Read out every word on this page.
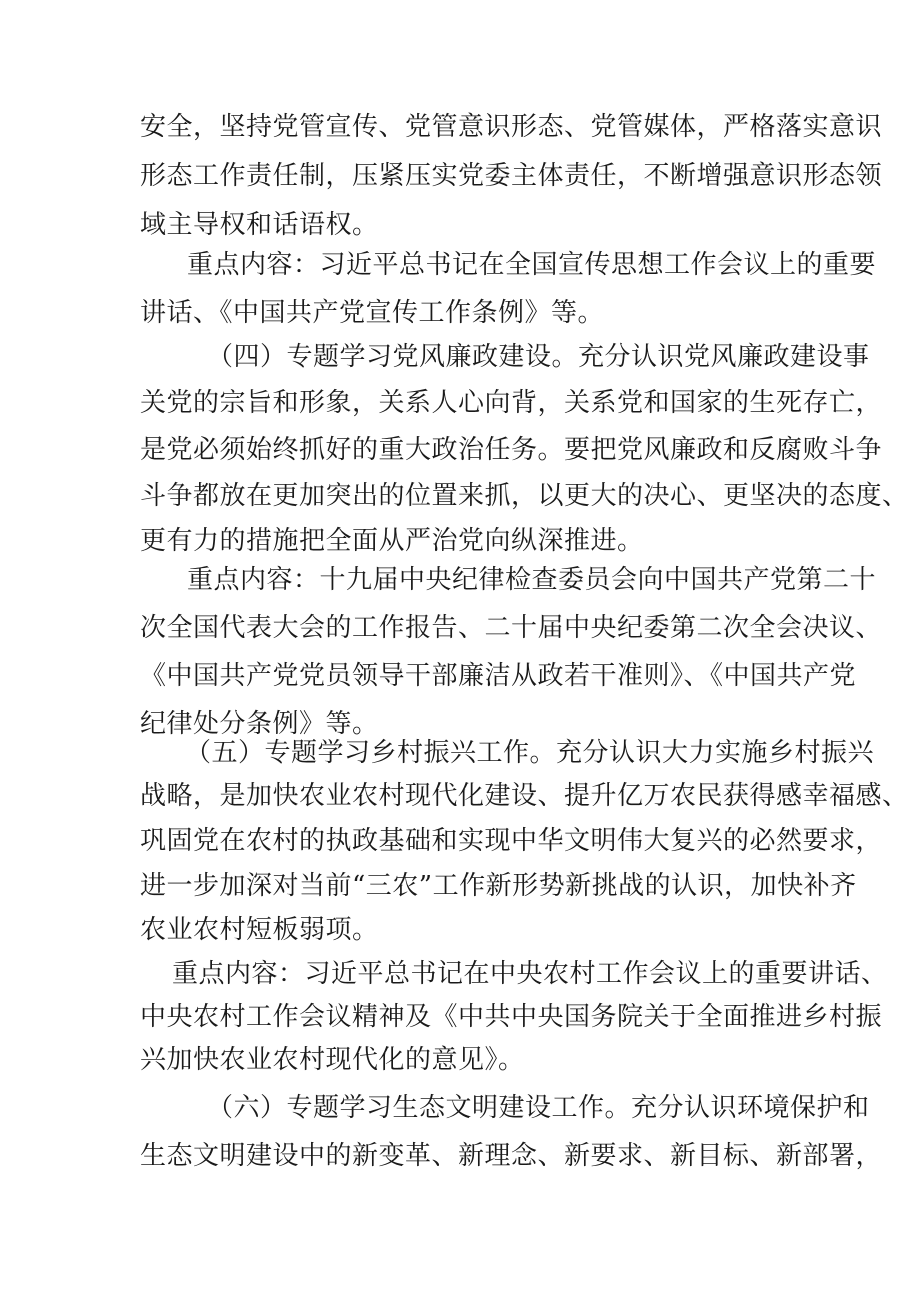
安全，坚持党管宣传、党管意识形态、党管媒体，严格落实意识
形态工作责任制，压紧压实党委主体责任，不断增强意识形态领
域主导权和话语权。
重点内容：习近平总书记在全国宣传思想工作会议上的重要
讲话、《中国共产党宣传工作条例》等。
（四）专题学习党风廉政建设。充分认识党风廉政建设事
关党的宗旨和形象，关系人心向背，关系党和国家的生死存亡，
是党必须始终抓好的重大政治任务。要把党风廉政和反腐败斗争
斗争都放在更加突出的位置来抓，以更大的决心、更坚决的态度、
更有力的措施把全面从严治党向纵深推进。
重点内容：十九届中央纪律检查委员会向中国共产党第二十
次全国代表大会的工作报告、二十届中央纪委第二次全会决议、
《中国共产党党员领导干部廉洁从政若干准则》、《中国共产党
纪律处分条例》等。
（五）专题学习乡村振兴工作。充分认识大力实施乡村振兴
战略，是加快农业农村现代化建设、提升亿万农民获得感幸福感、
巩固党在农村的执政基础和实现中华文明伟大复兴的必然要求，
进一步加深对当前“三农”工作新形势新挑战的认识，加快补齐
农业农村短板弱项。
重点内容：习近平总书记在中央农村工作会议上的重要讲话、
中央农村工作会议精神及《中共中央国务院关于全面推进乡村振
兴加快农业农村现代化的意见》。
（六）专题学习生态文明建设工作。充分认识环境保护和
生态文明建设中的新变革、新理念、新要求、新目标、新部署，
